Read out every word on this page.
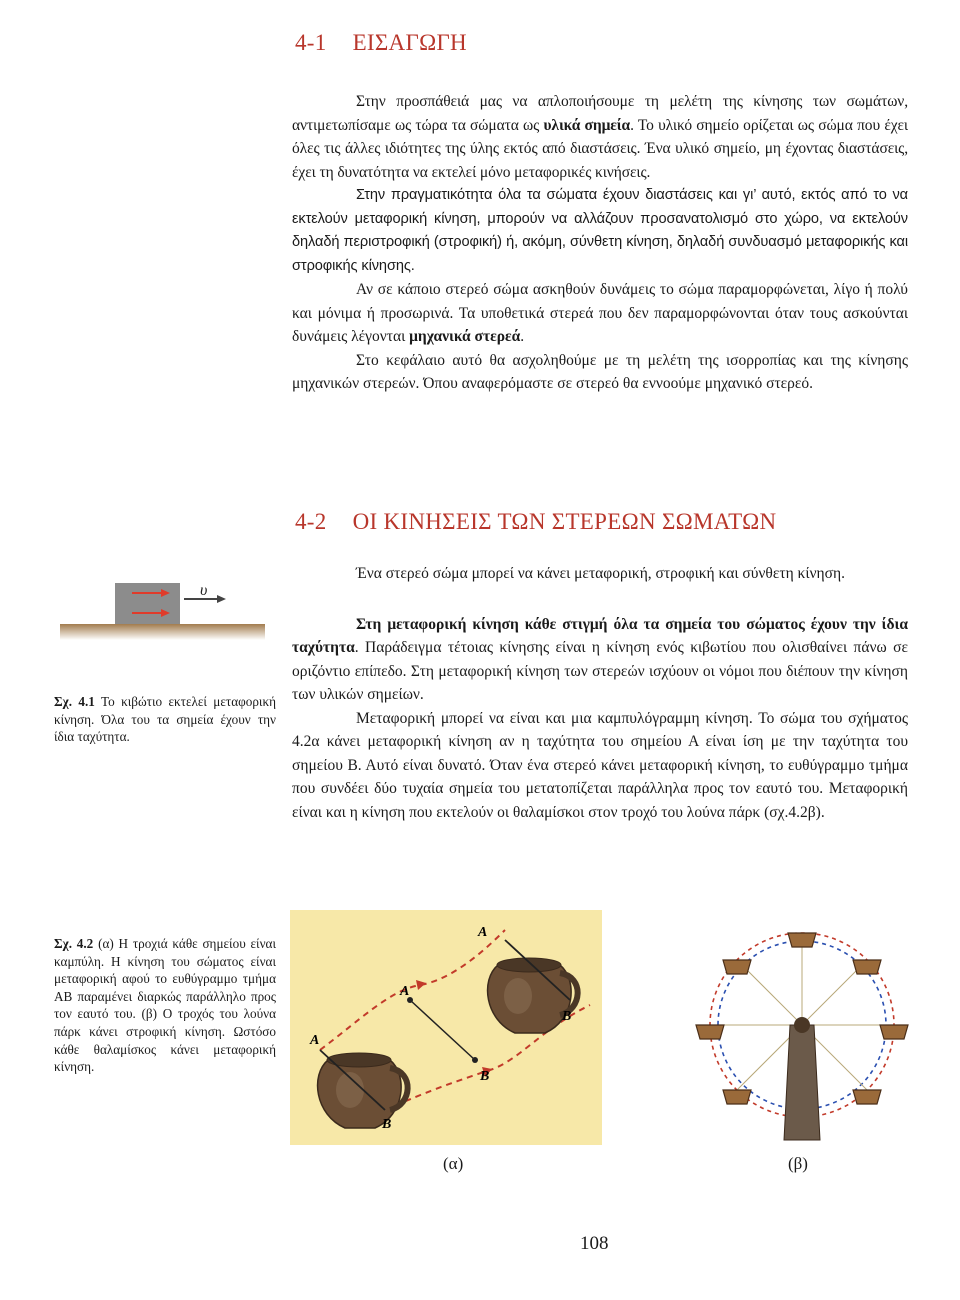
4-1 ΕΙΣΑΓΩΓΗ

Στην προσπάθειά μας να απλοποιήσουμε τη μελέτη της κίνησης των σωμάτων, αντιμετωπίσαμε ως τώρα τα σώματα ως υλικά σημεία. Το υλικό σημείο ορίζεται ως σώμα που έχει όλες τις άλλες ιδιότητες της ύλης εκτός από διαστάσεις. Ένα υλικό σημείο, μη έχοντας διαστάσεις, έχει τη δυνατότητα να εκτελεί μόνο μεταφορικές κινήσεις.

Στην πραγματικότητα όλα τα σώματα έχουν διαστάσεις και γι’ αυτό, εκτός από το να εκτελούν μεταφορική κίνηση, μπορούν να αλλάζουν προσανατολισμό στο χώρο, να εκτελούν δηλαδή περιστροφική (στροφική) ή, ακόμη, σύνθετη κίνηση, δηλαδή συνδυασμό μεταφορικής και στροφικής κίνησης.

Αν σε κάποιο στερεό σώμα ασκηθούν δυνάμεις το σώμα παραμορφώνεται, λίγο ή πολύ και μόνιμα ή προσωρινά. Τα υποθετικά στερεά που δεν παραμορφώνονται όταν τους ασκούνται δυνάμεις λέγονται μηχανικά στερεά.

Στο κεφάλαιο αυτό θα ασχοληθούμε με τη μελέτη της ισορροπίας και της κίνησης μηχανικών στερεών. Όπου αναφερόμαστε σε στερεό θα εννοούμε μηχανικό στερεό.

4-2 ΟΙ ΚΙΝΗΣΕΙΣ ΤΩΝ ΣΤΕΡΕΩΝ ΣΩΜΑΤΩΝ

Ένα στερεό σώμα μπορεί να κάνει μεταφορική, στροφική και σύνθετη κίνηση.

Στη μεταφορική κίνηση κάθε στιγμή όλα τα σημεία του σώματος έχουν την ίδια ταχύτητα. Παράδειγμα τέτοιας κίνησης είναι η κίνηση ενός κιβωτίου που ολισθαίνει πάνω σε οριζόντιο επίπεδο. Στη μεταφορική κίνηση των στερεών ισχύουν οι νόμοι που διέπουν την κίνηση των υλικών σημείων.

Μεταφορική μπορεί να είναι και μια καμπυλόγραμμη κίνηση. Το σώμα του σχήματος 4.2α κάνει μεταφορική κίνηση αν η ταχύτητα του σημείου Α είναι ίση με την ταχύτητα του σημείου Β. Αυτό είναι δυνατό. Όταν ένα στερεό κάνει μεταφορική κίνηση, το ευθύγραμμο τμήμα που συνδέει δύο τυχαία σημεία του μετατοπίζεται παράλληλα προς τον εαυτό του. Μεταφορική είναι και η κίνηση που εκτελούν οι θαλαμίσκοι στον τροχό του λούνα πάρκ (σχ.4.2β).

υ

Σχ. 4.1 Το κιβώτιο εκτελεί μεταφορική κίνηση. Όλα του τα σημεία έχουν την ίδια ταχύτητα.

Σχ. 4.2 (α) Η τροχιά κάθε σημείου είναι καμπύλη. Η κίνηση του σώματος είναι μεταφορική αφού το ευθύγραμμο τμήμα ΑΒ παραμένει διαρκώς παράλληλο προς τον εαυτό του. (β) Ο τροχός του λούνα πάρκ κάνει στροφική κίνηση. Ωστόσο κάθε θαλαμίσκος κάνει μεταφορική κίνηση.

A
B
A
B
A
B
(α)	(β)
108
